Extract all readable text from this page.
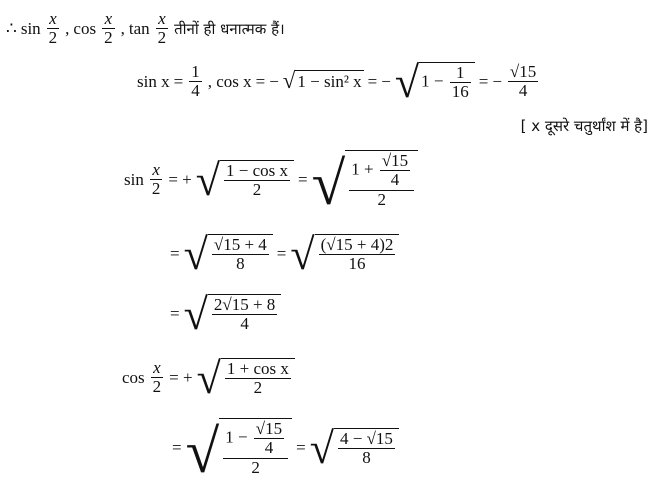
∴ $\sin \frac{x}{2}$ , $\cos \frac{x}{2}$ , $\tan \frac{x}{2}$ तीनों ही धनात्मक हैं।
$\sin x = \frac{1}{4}$ , cos x = − √ 1 − sin² x = − √ $1 - \frac{1}{16}$ = − $\frac{√15}{4}$
[ x दूसरे चतुर्थांश में है]
$\sin \frac{x}{2}$ = + √ $\frac{\text{1 − cos x}}{2}$ = √ $\frac{1 + \frac{√15}{4}}{2}$
= √ $\frac{√15 + 4}{8}$ = √ $\frac{(√15 + 4)2}{16}$
= √ $\frac{2√15 + 8}{4}$
$\cos \frac{x}{2}$ = + √ $\frac{\text{1 + cos x}}{2}$
= √ $\frac{1 - \frac{√15}{4}}{2}$ = √ $\frac{4 - √15}{8}$
